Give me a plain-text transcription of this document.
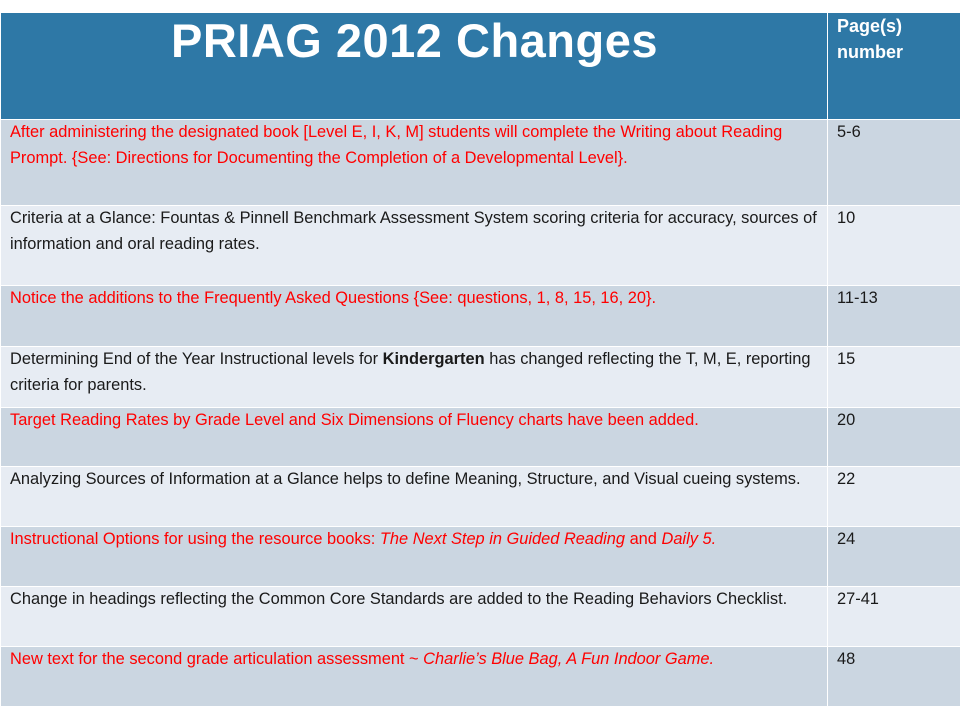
PRIAG 2012 Changes	Page(s)
number
After administering the designated book [Level E, I, K, M] students will complete the Writing about Reading Prompt. {See: Directions for Documenting the Completion of a Developmental Level}.	5-6
Criteria at a Glance: Fountas & Pinnell Benchmark Assessment System scoring criteria for accuracy, sources of information and oral reading rates.	10
Notice the additions to the Frequently Asked Questions {See: questions, 1, 8, 15, 16, 20}.	11-13
Determining End of the Year Instructional levels for Kindergarten has changed reflecting the T, M, E, reporting criteria for parents.	15
Target Reading Rates by Grade Level and Six Dimensions of Fluency charts have been added.	20
Analyzing Sources of Information at a Glance helps to define Meaning, Structure, and Visual cueing systems.	22
Instructional Options for using the resource books: The Next Step in Guided Reading and Daily 5.	24
Change in headings reflecting the Common Core Standards are added to the Reading Behaviors Checklist.	27-41
New text for the second grade articulation assessment ~ Charlie’s Blue Bag, A Fun Indoor Game.	48
